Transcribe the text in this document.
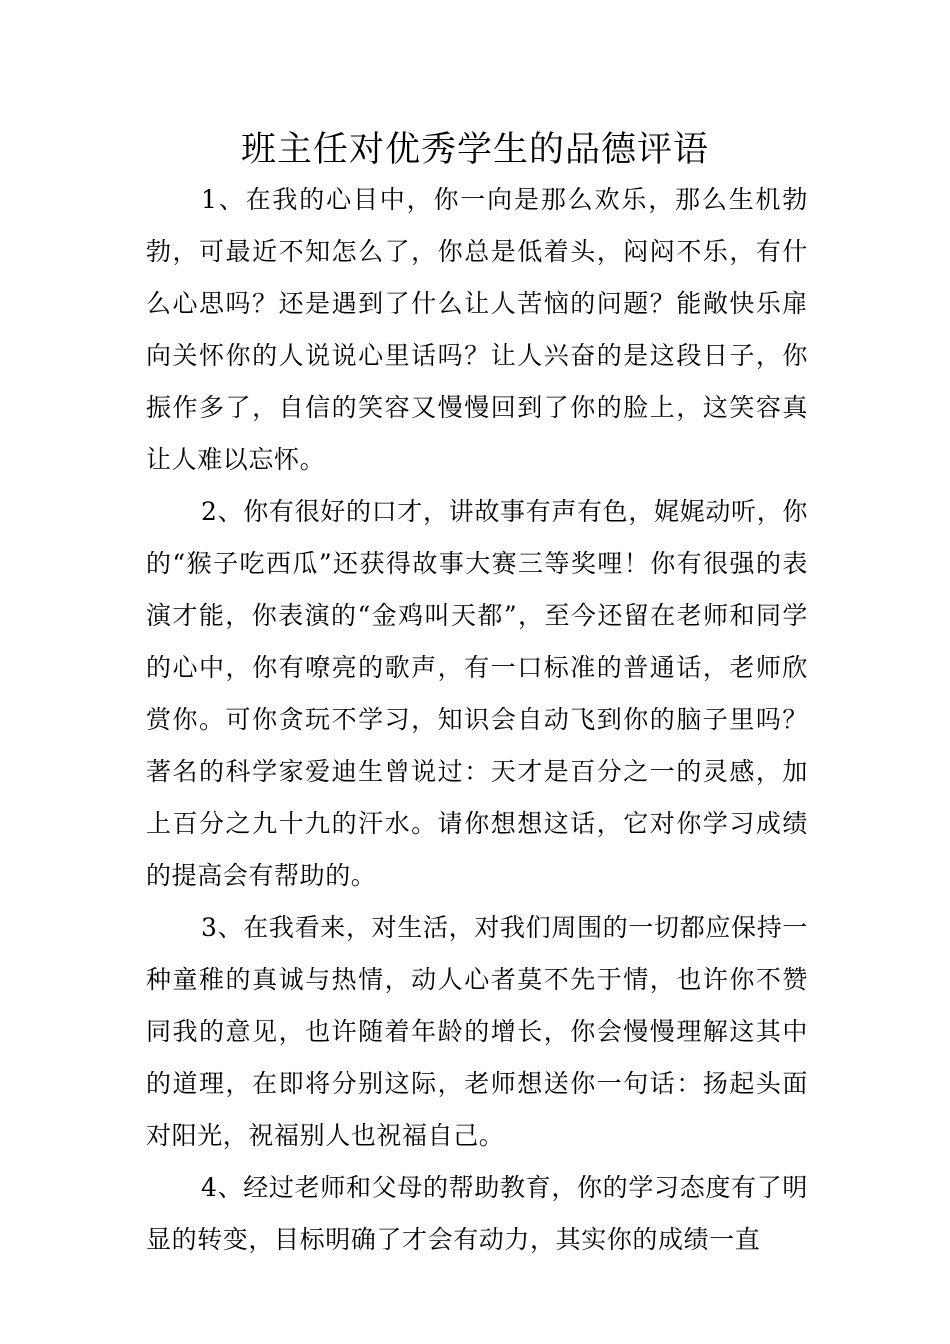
班主任对优秀学生的品德评语

1、在我的心目中，你一向是那么欢乐，那么生机勃勃，可最近不知怎么了，你总是低着头，闷闷不乐，有什么心思吗？还是遇到了什么让人苦恼的问题？能敞快乐扉向关怀你的人说说心里话吗？让人兴奋的是这段日子，你振作多了，自信的笑容又慢慢回到了你的脸上，这笑容真让人难以忘怀。

2、你有很好的口才，讲故事有声有色，娓娓动听，你的“猴子吃西瓜”还获得故事大赛三等奖哩！你有很强的表演才能，你表演的“金鸡叫天都”，至今还留在老师和同学的心中，你有嘹亮的歌声，有一口标准的普通话，老师欣赏你。可你贪玩不学习，知识会自动飞到你的脑子里吗？著名的科学家爱迪生曾说过：天才是百分之一的灵感，加上百分之九十九的汗水。请你想想这话，它对你学习成绩的提高会有帮助的。

3、在我看来，对生活，对我们周围的一切都应保持一种童稚的真诚与热情，动人心者莫不先于情，也许你不赞同我的意见，也许随着年龄的增长，你会慢慢理解这其中的道理，在即将分别这际，老师想送你一句话：扬起头面对阳光，祝福别人也祝福自己。

4、经过老师和父母的帮助教育，你的学习态度有了明显的转变，目标明确了才会有动力，其实你的成绩一直
